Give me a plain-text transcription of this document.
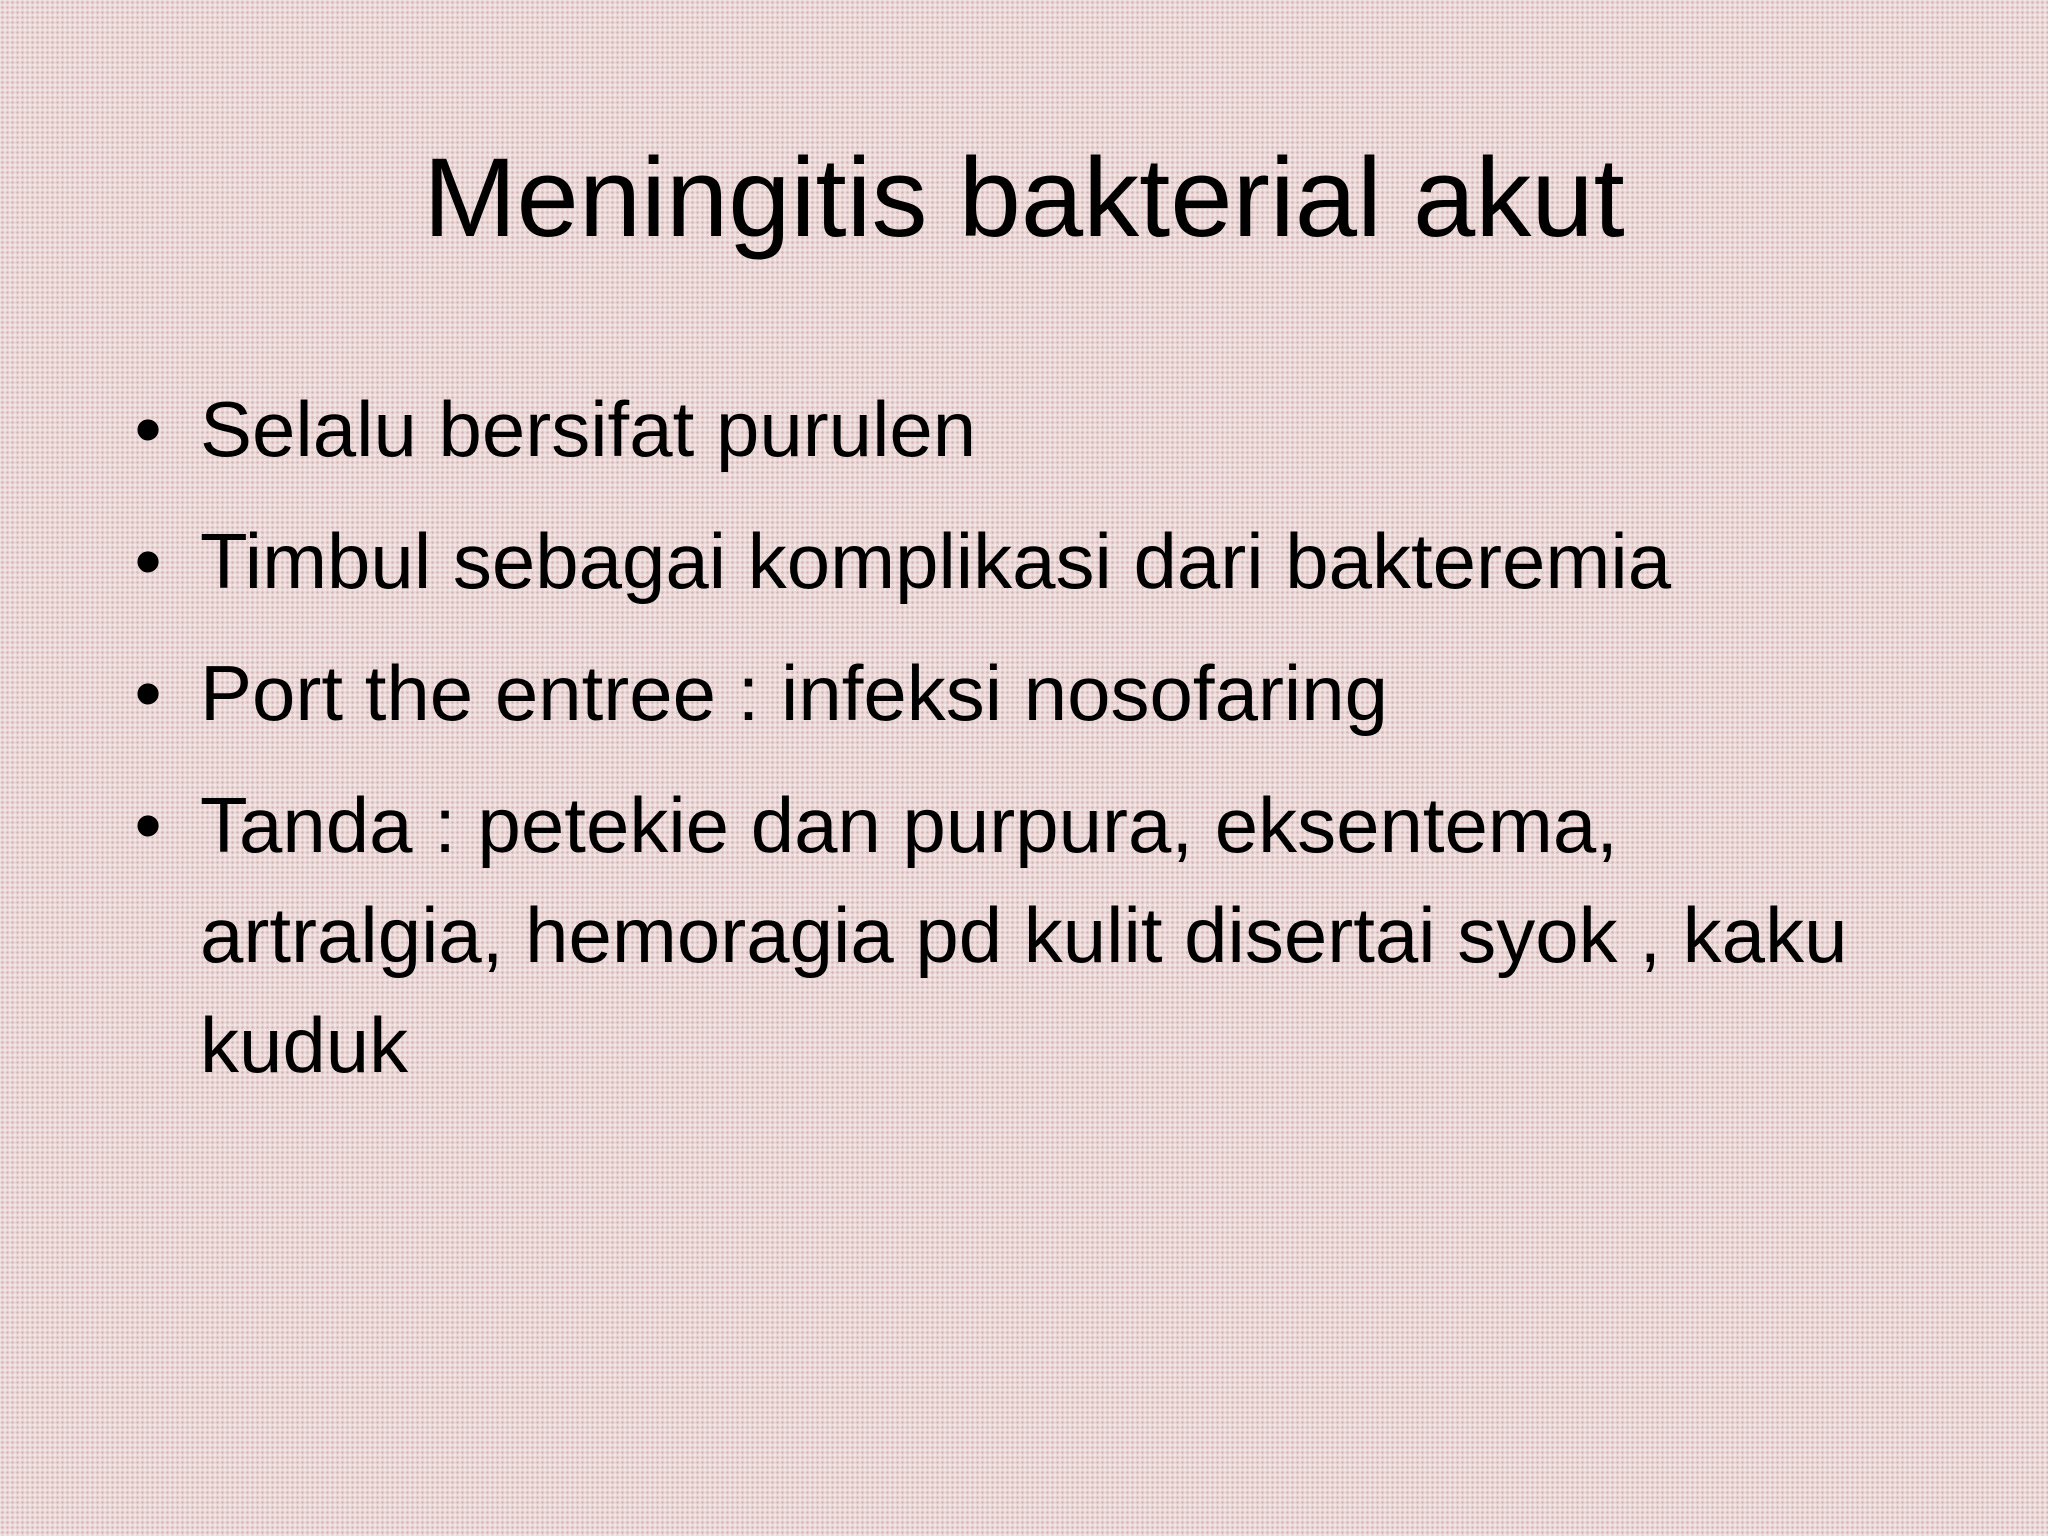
Meningitis bakterial akut
• Selalu bersifat purulen
• Timbul sebagai komplikasi dari bakteremia
• Port the entree : infeksi nosofaring
• Tanda : petekie dan purpura, eksentema, artralgia, hemoragia pd kulit disertai syok , kaku kuduk
